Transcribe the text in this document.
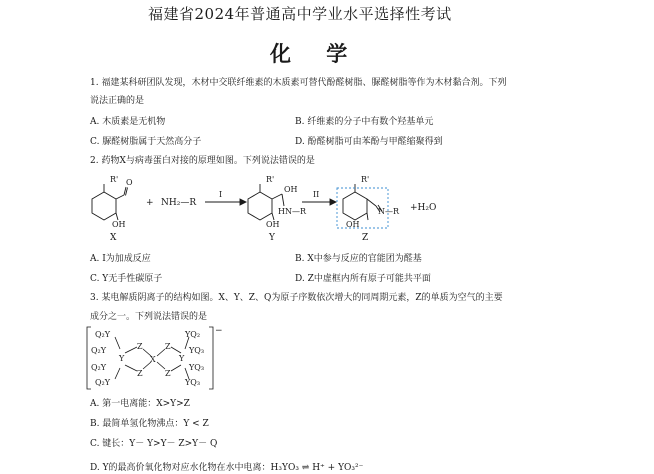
福建省2024年普通高中学业水平选择性考试
化 学
1. 福建某科研团队发现，木材中交联纤维素的木质素可替代酚醛树脂、脲醛树脂等作为木材黏合剂。下列
说法正确的是
A. 木质素是无机物	B. 纤维素的分子中有数个羟基单元
C. 脲醛树脂属于天然高分子	D. 酚醛树脂可由苯酚与甲醛缩聚得到
2. 药物X与病毒蛋白对接的原理如图。下列说法错误的是
R' O
OH
X
+ NH₂—R
I
R'
OH
HN—R
OH
Y
II
R'
N—R
OH
Z
+H₂O
A. Ⅰ为加成反应	B. X中参与反应的官能团为醛基
C. Y无手性碳原子	D. Z中虚框内所有原子可能共平面
3. 某电解质阴离子的结构如图。X、Y、Z、Q为原子序数依次增大的同周期元素，Z的单质为空气的主要
成分之一。下列说法错误的是
Q₂Y	YQ₂
Q₂Y	YQ₃
Q₂Y	YQ₃
Q₂Y	YQ₃
Y
Z
Z
X
Z
Z
Y
−
A. 第一电离能：X>Y>Z
B. 最简单氢化物沸点：Y < Z
C. 键长：Y－ Y>Y－ Z>Y－ Q
D. Y的最高价氧化物对应水化物在水中电离：H₃YO₃ ⇌ H⁺ + YO₃²⁻
